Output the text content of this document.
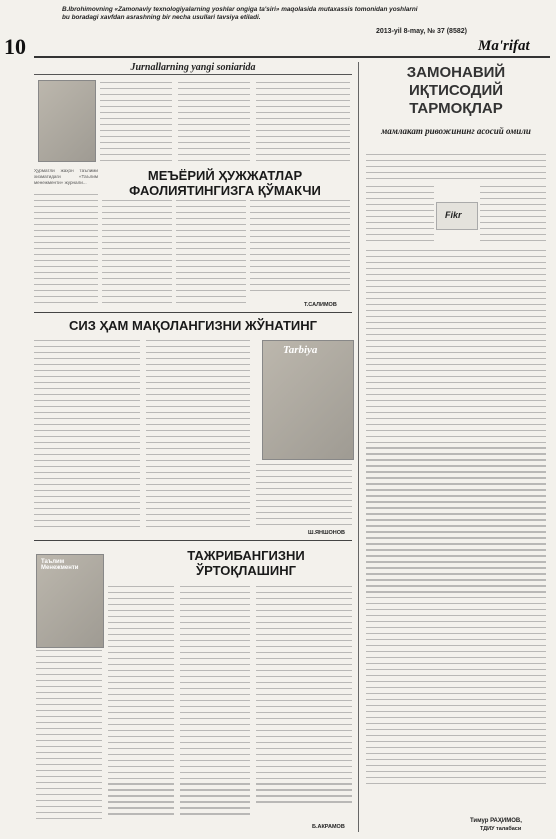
10
B.Ibrohimovning «Zamonaviy texnologiyalarning yoshlar ongiga ta'siri» maqolasida mutaxassis tomonidan yoshlarni bu boradagi xavfdan asrashning bir necha usullari tavsiya etiladi.
2013-yil 8-may, № 37 (8582)
Ma'rifat
Jurnallarning yangi soniarida
МЕЪЁРИЙ ҲУЖЖАТЛАР ФАОЛИЯТИНГИЗГА ҚЎМАКЧИ
Ҳурматли жаҳон таълими хизматидаги «Таълим менежменти» журнали...
Т.САЛИМОВ
СИЗ ҲАМ МАҚОЛАНГИЗНИ ЖЎНАТИНГ
Tarbiya
Ш.ЯНШОНОВ
ТАЖРИБАНГИЗНИ ЎРТОҚЛАШИНГ
Таълим Менежменти
Б.АКРАМОВ
ЗАМОНАВИЙ ИҚТИСОДИЙ ТАРМОҚЛАР
мамлакат ривожининг асосий омили
Fikr
Тимур РАҲИМОВ,
ТДИУ талабаси
